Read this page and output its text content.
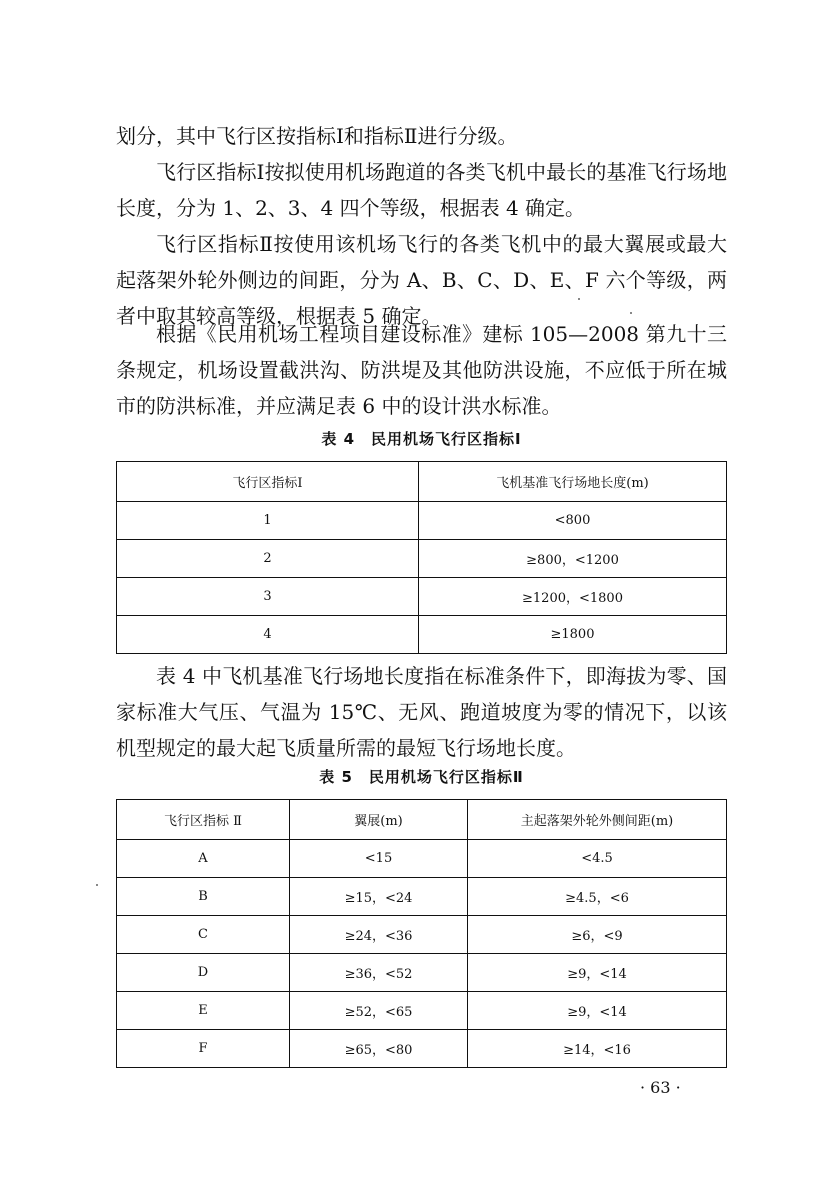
划分，其中飞行区按指标Ⅰ和指标Ⅱ进行分级。

飞行区指标Ⅰ按拟使用机场跑道的各类飞机中最长的基准飞行场地长度，分为 1、2、3、4 四个等级，根据表 4 确定。

飞行区指标Ⅱ按使用该机场飞行的各类飞机中的最大翼展或最大起落架外轮外侧边的间距，分为 A、B、C、D、E、F 六个等级，两者中取其较高等级，根据表 5 确定。

根据《民用机场工程项目建设标准》建标 105—2008 第九十三条规定，机场设置截洪沟、防洪堤及其他防洪设施，不应低于所在城市的防洪标准，并应满足表 6 中的设计洪水标准。

表 4　民用机场飞行区指标Ⅰ
飞行区指标Ⅰ	飞机基准飞行场地长度(m)
1	<800
2	≥800，<1200
3	≥1200，<1800
4	≥1800

表 4 中飞机基准飞行场地长度指在标准条件下，即海拔为零、国家标准大气压、气温为 15℃、无风、跑道坡度为零的情况下，以该机型规定的最大起飞质量所需的最短飞行场地长度。

表 5　民用机场飞行区指标Ⅱ
飞行区指标 Ⅱ	翼展(m)	主起落架外轮外侧间距(m)
A	<15	<4.5
B	≥15，<24	≥4.5，<6
C	≥24，<36	≥6，<9
D	≥36，<52	≥9，<14
E	≥52，<65	≥9，<14
F	≥65，<80	≥14，<16
· 63 ·
